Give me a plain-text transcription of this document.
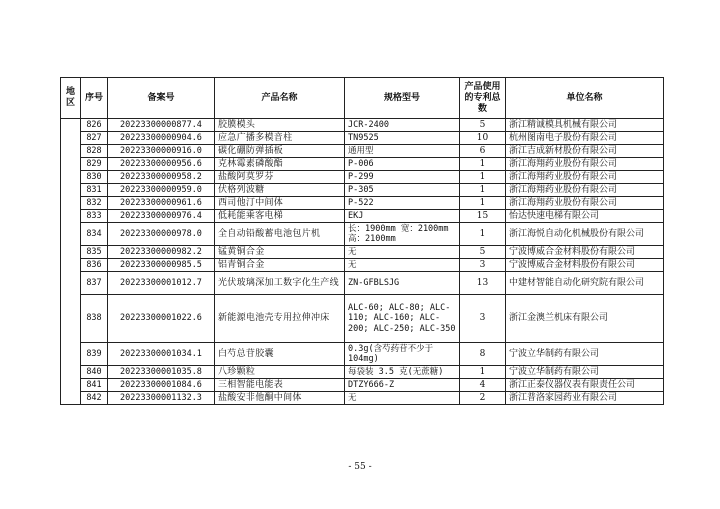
地区	序号	备案号	产品名称	规格型号	产品使用的专利总数	单位名称
	826	20223300000877.4	胶膜模头	JCR-2400	5	浙江精诚模具机械有限公司
	827	20223300000904.6	应急广播多模音柱	TN9525	10	杭州图南电子股份有限公司
	828	20223300000916.0	碳化硼防弹插板	通用型	6	浙江吉成新材股份有限公司
	829	20223300000956.6	克林霉素磷酸酯	P-006	1	浙江海翔药业股份有限公司
	830	20223300000958.2	盐酸阿莫罗芬	P-299	1	浙江海翔药业股份有限公司
	831	20223300000959.0	伏格列波糖	P-305	1	浙江海翔药业股份有限公司
	832	20223300000961.6	西司他汀中间体	P-522	1	浙江海翔药业股份有限公司
	833	20223300000976.4	低耗能乘客电梯	EKJ	15	怡达快速电梯有限公司
	834	20223300000978.0	全自动铅酸蓄电池包片机	长：1900mm 宽：2100mm 高：2100mm	1	浙江海悦自动化机械股份有限公司
	835	20223300000982.2	锰黄铜合金	无	5	宁波博威合金材料股份有限公司
	836	20223300000985.5	铝青铜合金	无	3	宁波博威合金材料股份有限公司
	837	20223300001012.7	光伏玻璃深加工数字化生产线	ZN-GFBLSJG	13	中建材智能自动化研究院有限公司
	838	20223300001022.6	新能源电池壳专用拉伸冲床	ALC-60; ALC-80; ALC-110; ALC-160; ALC-200; ALC-250; ALC-350	3	浙江金澳兰机床有限公司
	839	20223300001034.1	白芍总苷胶囊	0.3g(含芍药苷不少于104mg)	8	宁波立华制药有限公司
	840	20223300001035.8	八珍颗粒	每袋装 3.5 克(无蔗糖)	1	宁波立华制药有限公司
	841	20223300001084.6	三相智能电能表	DTZY666-Z	4	浙江正泰仪器仪表有限责任公司
	842	20223300001132.3	盐酸安非他酮中间体	无	2	浙江普洛家园药业有限公司
- 55 -
